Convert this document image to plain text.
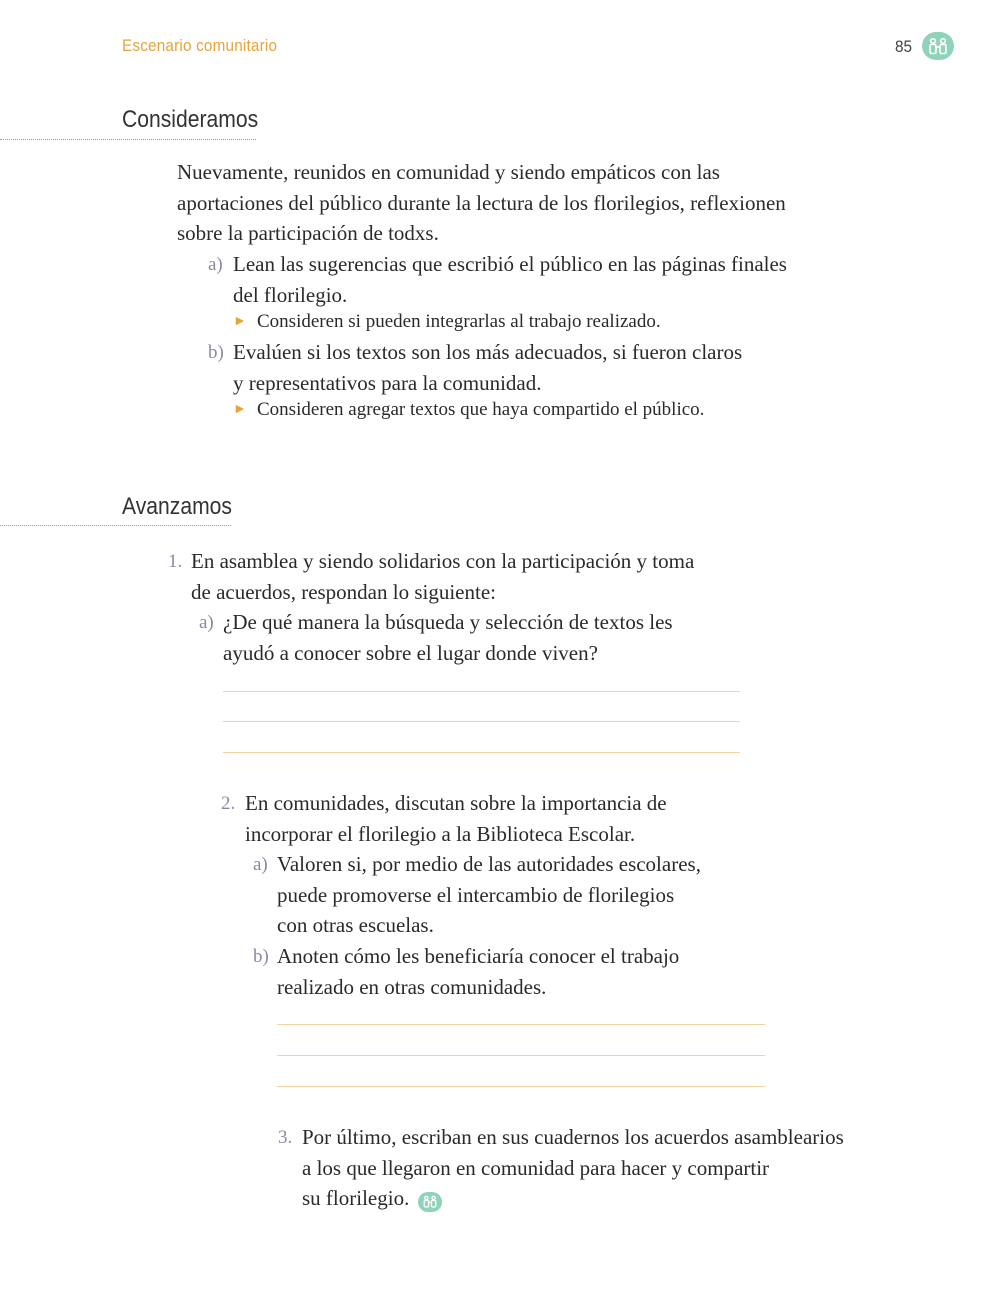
Escenario comunitario	85
Consideramos
Nuevamente, reunidos en comunidad y siendo empáticos con las
aportaciones del público durante la lectura de los florilegios, reflexionen
sobre la participación de todxs.
a) Lean las sugerencias que escribió el público en las páginas finales
del florilegio.
► Consideren si pueden integrarlas al trabajo realizado.
b) Evalúen si los textos son los más adecuados, si fueron claros
y representativos para la comunidad.
► Consideren agregar textos que haya compartido el público.
Avanzamos
1. En asamblea y siendo solidarios con la participación y toma
de acuerdos, respondan lo siguiente:
a) ¿De qué manera la búsqueda y selección de textos les
ayudó a conocer sobre el lugar donde viven?
2. En comunidades, discutan sobre la importancia de
incorporar el florilegio a la Biblioteca Escolar.
a) Valoren si, por medio de las autoridades escolares,
puede promoverse el intercambio de florilegios
con otras escuelas.
b) Anoten cómo les beneficiaría conocer el trabajo
realizado en otras comunidades.
3. Por último, escriban en sus cuadernos los acuerdos asamblearios
a los que llegaron en comunidad para hacer y compartir
su florilegio.
